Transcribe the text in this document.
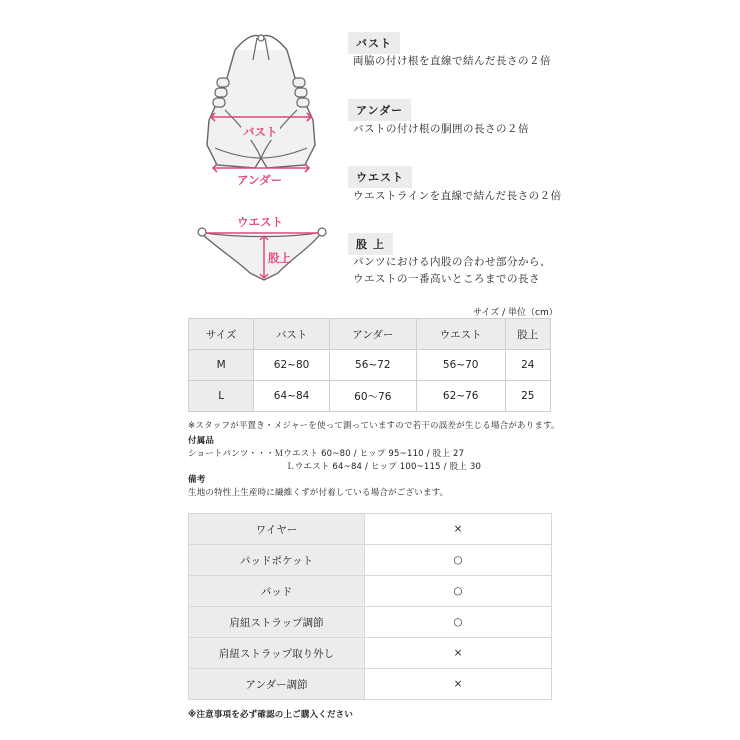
バスト
アンダー
ウエスト
股上
バスト
両脇の付け根を直線で結んだ長さの２倍
アンダー
バストの付け根の胴囲の長さの２倍
ウエスト
ウエストラインを直線で結んだ長さの２倍
股 上
パンツにおける内股の合わせ部分から、
ウエストの一番高いところまでの長さ
サイズ / 単位（cm）
サイズ	バスト	アンダー	ウエスト	股上
M	62~80	56~72	56~70	24
L	64~84	60〜76	62~76	25
※スタッフが平置き・メジャーを使って測っていますので若干の誤差が生じる場合があります。
付属品
ショートパンツ・・・Ｍウエスト 60~80 / ヒップ 95~110 / 股上 27
Ｌウエスト 64~84 / ヒップ 100~115 / 股上 30
備考
生地の特性上生産時に繊維くずが付着している場合がございます。
ワイヤー	×
パッドポケット	○
パッド	○
肩紐ストラップ調節	○
肩紐ストラップ取り外し	×
アンダー調節	×
※注意事項を必ず確認の上ご購入ください
